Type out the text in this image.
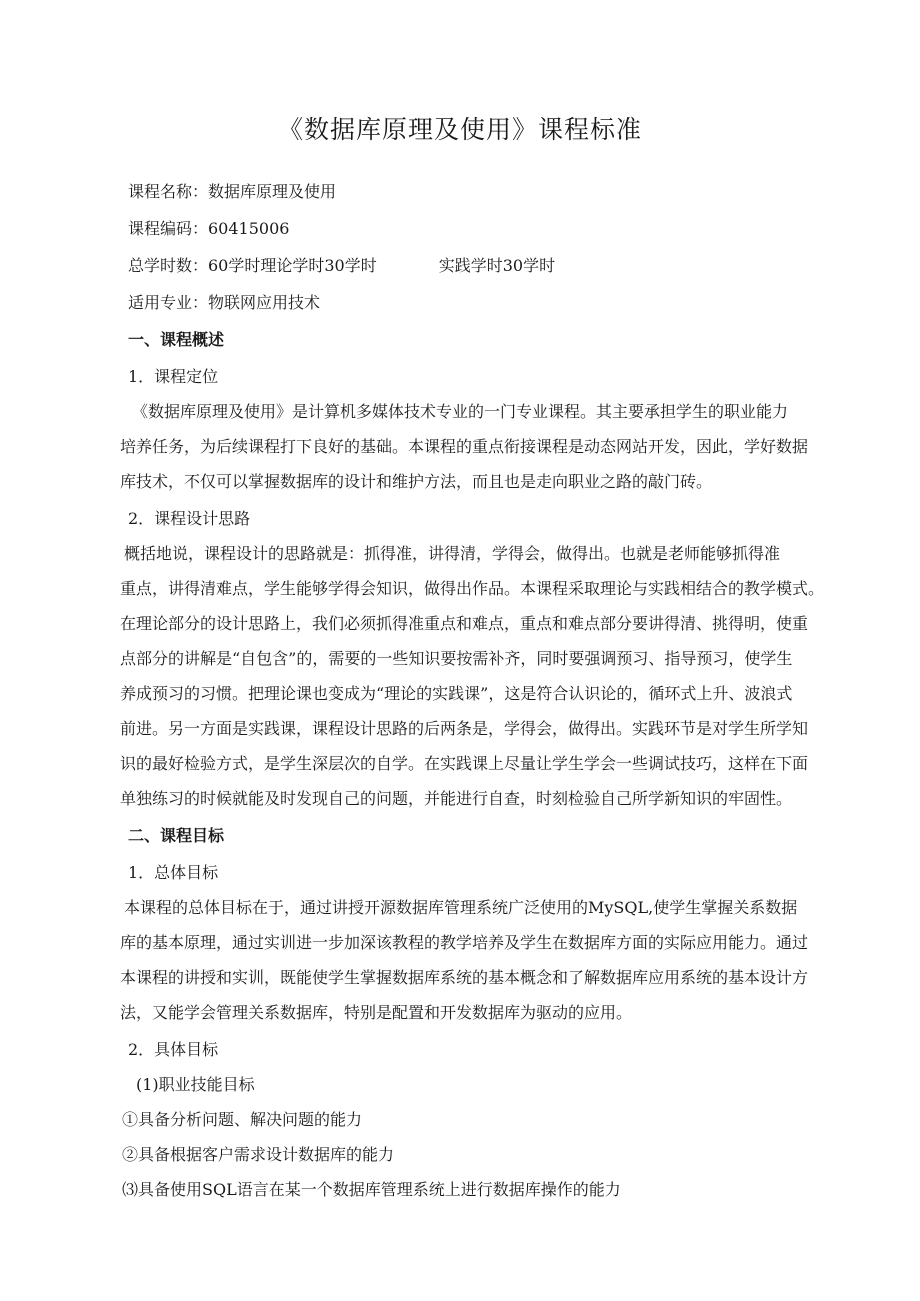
《数据库原理及使用》课程标准
课程名称：数据库原理及使用
课程编码：60415006
总学时数：60学时理论学时30学时	实践学时30学时
适用专业：物联网应用技术
一、课程概述
1．课程定位
《数据库原理及使用》是计算机多媒体技术专业的一门专业课程。其主要承担学生的职业能力
培养任务，为后续课程打下良好的基础。本课程的重点衔接课程是动态网站开发，因此，学好数据
库技术，不仅可以掌握数据库的设计和维护方法，而且也是走向职业之路的敲门砖。
2．课程设计思路
概括地说，课程设计的思路就是：抓得准，讲得清，学得会，做得出。也就是老师能够抓得准
重点，讲得清难点，学生能够学得会知识，做得出作品。本课程采取理论与实践相结合的教学模式。
在理论部分的设计思路上，我们必须抓得准重点和难点，重点和难点部分要讲得清、挑得明，使重
点部分的讲解是“自包含”的，需要的一些知识要按需补齐，同时要强调预习、指导预习，使学生
养成预习的习惯。把理论课也变成为“理论的实践课”，这是符合认识论的，循环式上升、波浪式
前进。另一方面是实践课，课程设计思路的后两条是，学得会，做得出。实践环节是对学生所学知
识的最好检验方式，是学生深层次的自学。在实践课上尽量让学生学会一些调试技巧，这样在下面
单独练习的时候就能及时发现自己的问题，并能进行自查，时刻检验自己所学新知识的牢固性。
二、课程目标
1．总体目标
本课程的总体目标在于，通过讲授开源数据库管理系统广泛使用的MySQL,使学生掌握关系数据
库的基本原理，通过实训进一步加深该教程的教学培养及学生在数据库方面的实际应用能力。通过
本课程的讲授和实训，既能使学生掌握数据库系统的基本概念和了解数据库应用系统的基本设计方
法，又能学会管理关系数据库，特别是配置和开发数据库为驱动的应用。
2．具体目标
(1)职业技能目标
①具备分析问题、解决问题的能力
②具备根据客户需求设计数据库的能力
⑶具备使用SQL语言在某一个数据库管理系统上进行数据库操作的能力
